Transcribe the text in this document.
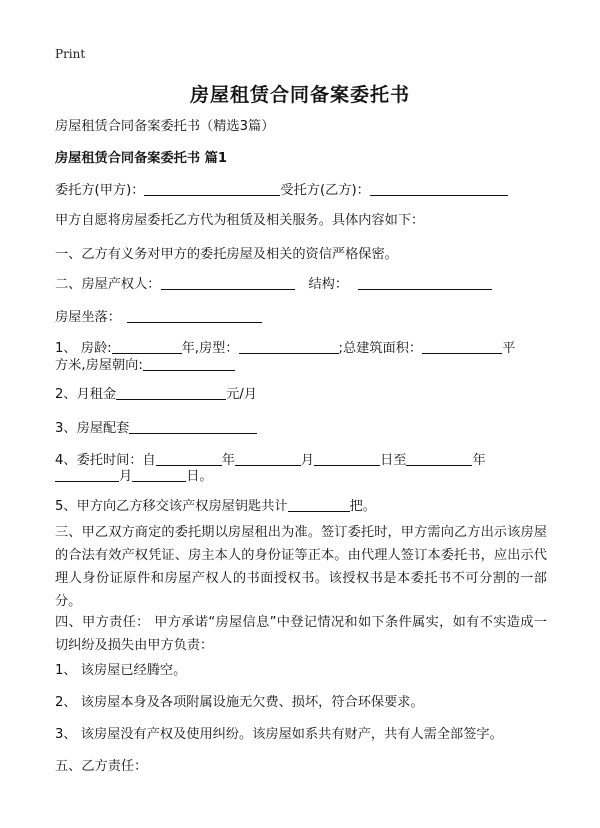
Print
房屋租赁合同备案委托书
房屋租赁合同备案委托书（精选3篇）
房屋租赁合同备案委托书 篇1
委托方(甲方)：	受托方(乙方)：
甲方自愿将房屋委托乙方代为租赁及相关服务。具体内容如下：
一、乙方有义务对甲方的委托房屋及相关的资信严格保密。
二、房屋产权人：	结构：
房屋坐落：
1、 房龄:	年,房型：	;总建筑面积：	平
方米,房屋朝向:
2、月租金	元/月
3、房屋配套
4、委托时间：自	年	月	日至	年
月	日。
5、甲方向乙方移交该产权房屋钥匙共计	把。
三、甲乙双方商定的委托期以房屋租出为准。签订委托时，甲方需向乙方出示该房屋的合法有效产权凭证、房主本人的身份证等正本。由代理人签订本委托书，应出示代理人身份证原件和房屋产权人的书面授权书。该授权书是本委托书不可分割的一部分。
四、甲方责任： 甲方承诺“房屋信息”中登记情况和如下条件属实，如有不实造成一切纠纷及损失由甲方负责：
1、 该房屋已经腾空。
2、 该房屋本身及各项附属设施无欠费、损坏，符合环保要求。
3、 该房屋没有产权及使用纠纷。该房屋如系共有财产，共有人需全部签字。
五、乙方责任：
